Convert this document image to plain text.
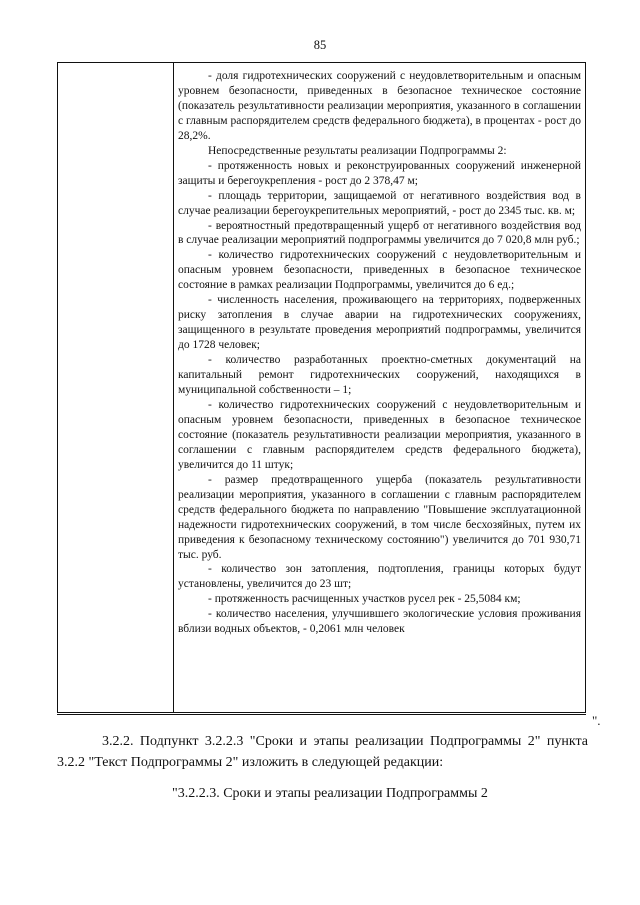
85

- доля гидротехнических сооружений с неудовлетворительным и опасным уровнем безопасности, приведенных в безопасное техническое состояние (показатель результативности реализации мероприятия, указанного в соглашении с главным распорядителем средств федерального бюджета), в процентах - рост до 28,2%.

Непосредственные результаты реализации Подпрограммы 2:

- протяженность новых и реконструированных сооружений инженерной защиты и берегоукрепления - рост до 2 378,47 м;

- площадь территории, защищаемой от негативного воздействия вод в случае реализации берегоукрепительных мероприятий, - рост до 2345 тыс. кв. м;

- вероятностный предотвращенный ущерб от негативного воздействия вод в случае реализации мероприятий подпрограммы увеличится до 7 020,8 млн руб.;

- количество гидротехнических сооружений с неудовлетворительным и опасным уровнем безопасности, приведенных в безопасное техническое состояние в рамках реализации Подпрограммы, увеличится до 6 ед.;

- численность населения, проживающего на территориях, подверженных риску затопления в случае аварии на гидротехнических сооружениях, защищенного в результате проведения мероприятий подпрограммы, увеличится до 1728 человек;

- количество разработанных проектно-сметных документаций на капитальный ремонт гидротехнических сооружений, находящихся в муниципальной собственности – 1;

- количество гидротехнических сооружений с неудовлетворительным и опасным уровнем безопасности, приведенных в безопасное техническое состояние (показатель результативности реализации мероприятия, указанного в соглашении с главным распорядителем средств федерального бюджета), увеличится до 11 штук;

- размер предотвращенного ущерба (показатель результативности реализации мероприятия, указанного в соглашении с главным распорядителем средств федерального бюджета по направлению "Повышение эксплуатационной надежности гидротехнических сооружений, в том числе бесхозяйных, путем их приведения к безопасному техническому состоянию") увеличится до 701 930,71 тыс. руб.

- количество зон затопления, подтопления, границы которых будут установлены, увеличится до 23 шт;

- протяженность расчищенных участков русел рек - 25,5084 км;

- количество населения, улучшившего экологические условия проживания вблизи водных объектов, - 0,2061 млн человек

".

3.2.2. Подпункт 3.2.2.3 "Сроки и этапы реализации Подпрограммы 2" пункта 3.2.2 "Текст Подпрограммы 2" изложить в следующей редакции:

"3.2.2.3. Сроки и этапы реализации Подпрограммы 2
